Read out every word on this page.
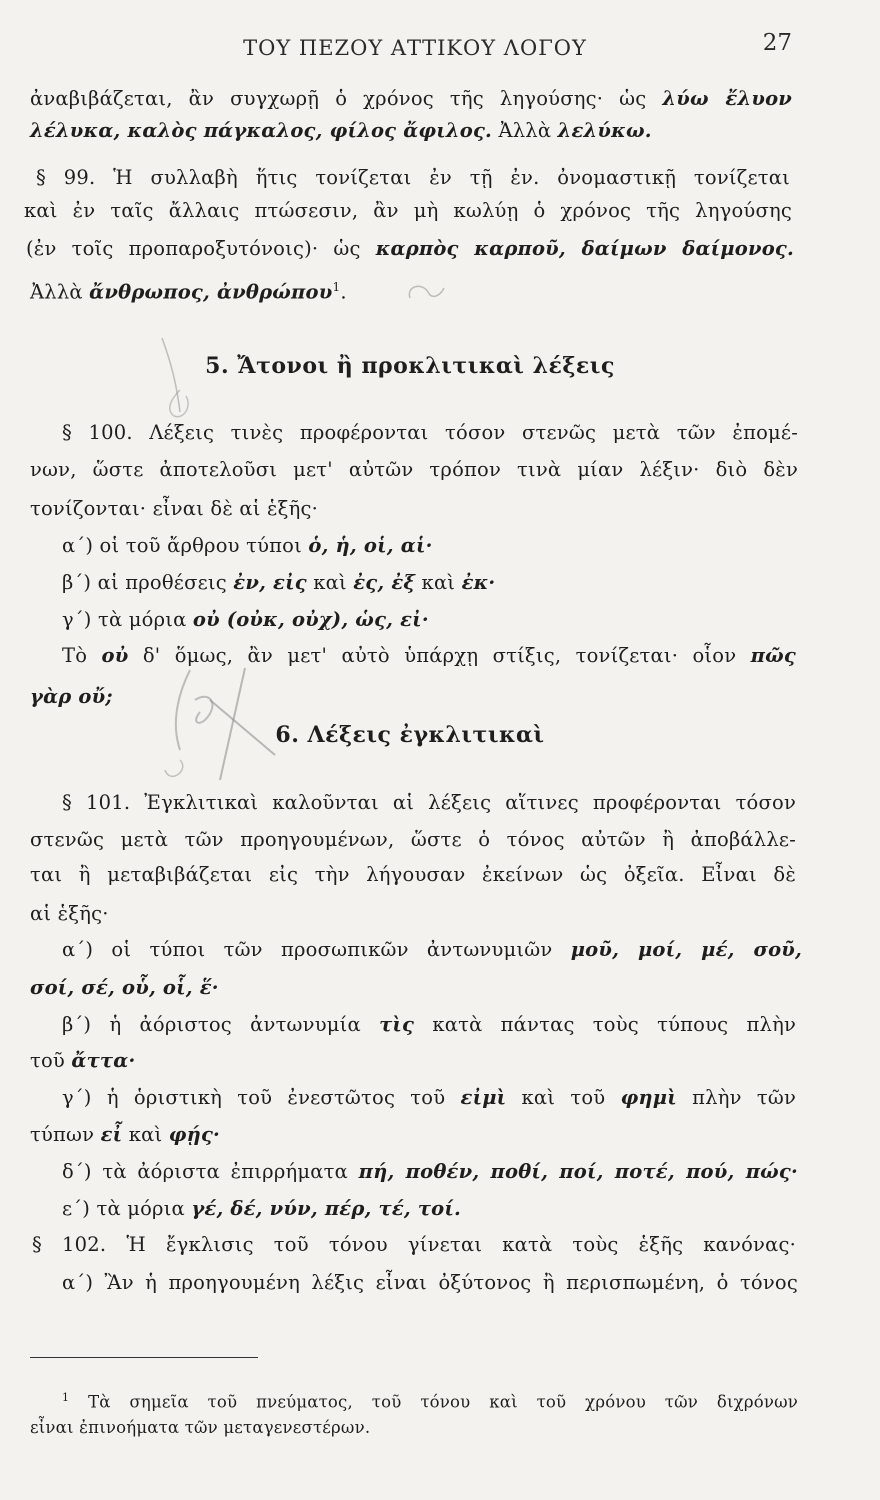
ΤΟΥ ΠΕΖΟΥ ΑΤΤΙΚΟΥ ΛΟΓΟΥ	27
ἀναβιβάζεται, ἂν συγχωρῇ ὁ χρόνος τῆς ληγούσης· ὡς λύω ἔλυον
λέλυκα, καλὸς πάγκαλος, φίλος ἄφιλος. Ἀλλὰ λελύκω.
§ 99. Ἡ συλλαβὴ ἥτις τονίζεται ἐν τῇ ἐν. ὀνομαστικῇ τονίζεται
καὶ ἐν ταῖς ἄλλαις πτώσεσιν, ἂν μὴ κωλύῃ ὁ χρόνος τῆς ληγούσης
(ἐν τοῖς προπαροξυτόνοις)· ὡς καρπὸς καρποῦ, δαίμων δαίμονος.
Ἀλλὰ ἄνθρωπος, ἀνθρώπου$^1$.
5. Ἄτονοι ἢ προκλιτικαὶ λέξεις
§ 100. Λέξεις τινὲς προφέρονται τόσον στενῶς μετὰ τῶν ἐπομέ-
νων, ὥστε ἀποτελοῦσι μετ' αὐτῶν τρόπον τινὰ μίαν λέξιν· διὸ δὲν
τονίζονται· εἶναι δὲ αἱ ἑξῆς·
α΄) οἱ τοῦ ἄρθρου τύποι ὁ, ἡ, οἱ, αἱ·
β΄) αἱ προθέσεις ἐν, εἰς καὶ ἐς, ἐξ καὶ ἐκ·
γ΄) τὰ μόρια οὐ (οὐκ, οὐχ), ὡς, εἰ·
Τὸ οὐ δ' ὅμως, ἂν μετ' αὐτὸ ὑπάρχῃ στίξις, τονίζεται· οἷον πῶς
γὰρ οὔ;
6. Λέξεις ἐγκλιτικαὶ
§ 101. Ἐγκλιτικαὶ καλοῦνται αἱ λέξεις αἵτινες προφέρονται τόσον
στενῶς μετὰ τῶν προηγουμένων, ὥστε ὁ τόνος αὐτῶν ἢ ἀποβάλλε-
ται ἢ μεταβιβάζεται εἰς τὴν λήγουσαν ἐκείνων ὡς ὀξεῖα. Εἶναι δὲ
αἱ ἑξῆς·
α΄) οἱ τύποι τῶν προσωπικῶν ἀντωνυμιῶν μοῦ, μοί, μέ, σοῦ,
σοί, σέ, οὗ, οἷ, ἕ·
β΄) ἡ ἀόριστος ἀντωνυμία τὶς κατὰ πάντας τοὺς τύπους πλὴν
τοῦ ἄττα·
γ΄) ἡ ὁριστικὴ τοῦ ἐνεστῶτος τοῦ εἰμὶ καὶ τοῦ φημὶ πλὴν τῶν
τύπων εἶ καὶ φῄς·
δ΄) τὰ ἀόριστα ἐπιρρήματα πή, ποθέν, ποθί, ποί, ποτέ, πού, πώς·
ε΄) τὰ μόρια γέ, δέ, νύν, πέρ, τέ, τοί.
§ 102. Ἡ ἔγκλισις τοῦ τόνου γίνεται κατὰ τοὺς ἑξῆς κανόνας·
α΄) Ἂν ἡ προηγουμένη λέξις εἶναι ὀξύτονος ἢ περισπωμένη, ὁ τόνος
$^1$ Τὰ σημεῖα τοῦ πνεύματος, τοῦ τόνου καὶ τοῦ χρόνου τῶν διχρόνων
εἶναι ἐπινοήματα τῶν μεταγενεστέρων.
